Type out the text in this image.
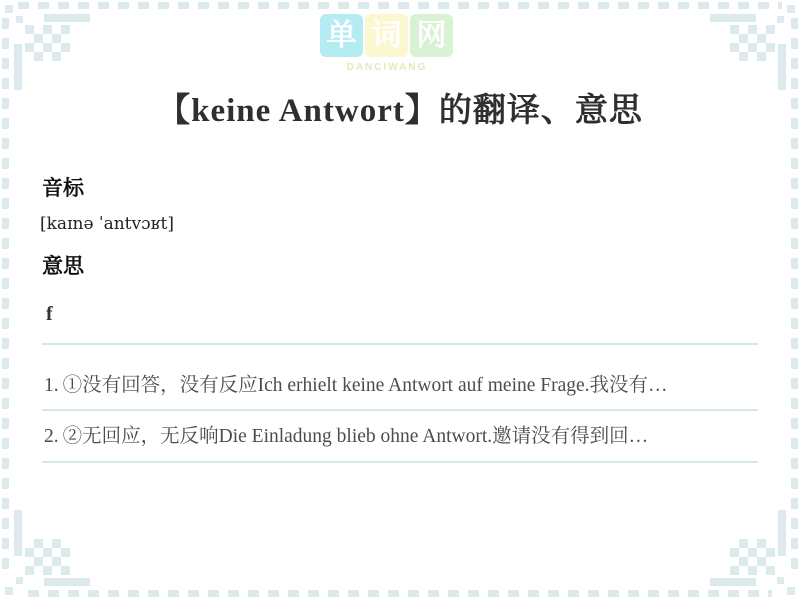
单 词 网
DANCIWANG
【keine Antwort】的翻译、意思
音标
[kaɪnə ˈantvɔʁt]
意思
f
1. ①没有回答，没有反应Ich erhielt keine Antwort auf meine Frage.我没有…
2. ②无回应，无反响Die Einladung blieb ohne Antwort.邀请没有得到回…
